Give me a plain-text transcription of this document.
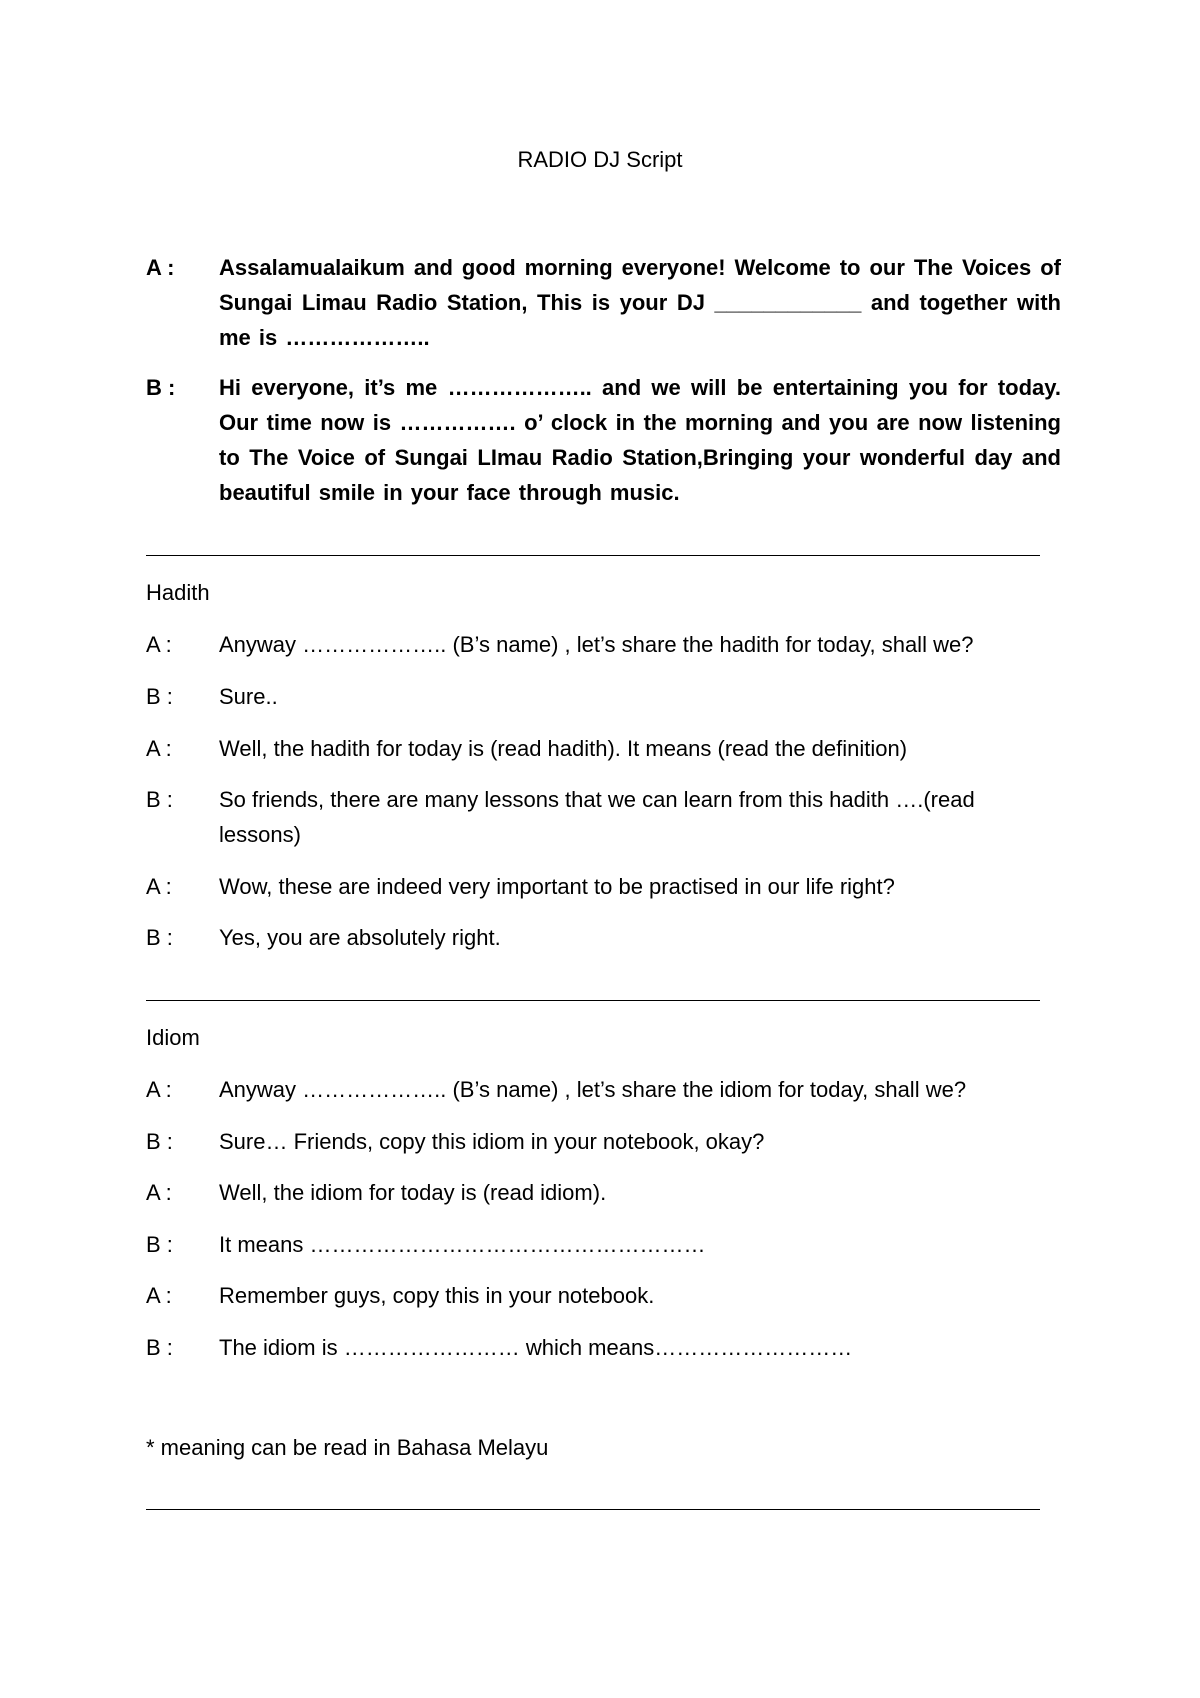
RADIO DJ Script
A :	Assalamualaikum and good morning everyone! Welcome to our The Voices of Sungai Limau Radio Station, This is your DJ ____________ and together with me is ………………..
B :	Hi everyone, it’s me ……………….. and we will be entertaining you for today. Our time now is ……………. o’ clock in the morning and you are now listening to The Voice of Sungai LImau Radio Station,Bringing your wonderful day and beautiful smile in your face through music.
Hadith
A :	Anyway ……………….. (B’s name) , let’s share the hadith for today, shall we?
B :	Sure..
A :	Well, the hadith for today is (read hadith). It means (read the definition)
B :	So friends, there are many lessons that we can learn from this hadith ….(read lessons)
A :	Wow, these are indeed very important to be practised in our life right?
B :	Yes, you are absolutely right.
Idiom
A :	Anyway ……………….. (B’s name) , let’s share the idiom for today, shall we?
B :	Sure… Friends, copy this idiom in your notebook, okay?
A :	Well, the idiom for today is (read idiom).
B :	It means ………………………………………………
A :	Remember guys, copy this in your notebook.
B :	The idiom is …………………… which means………………………
* meaning can be read in Bahasa Melayu
